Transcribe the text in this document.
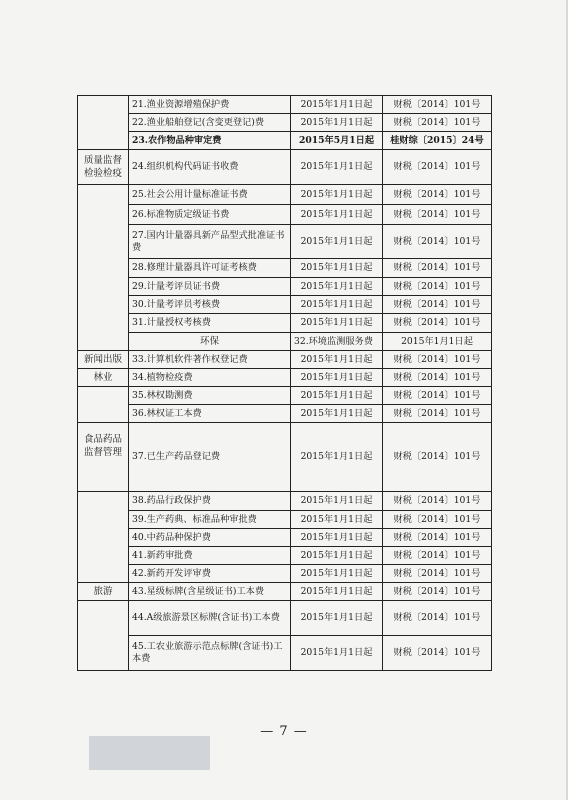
	21.渔业资源增殖保护费	2015年1月1日起	财税〔2014〕101号	
	22.渔业船舶登记(含变更登记)费	2015年1月1日起	财税〔2014〕101号	
	23.农作物品种审定费	2015年5月1日起	桂财综〔2015〕24号	
质量监督检验检疫	24.组织机构代码证书收费	2015年1月1日起	财税〔2014〕101号	
	25.社会公用计量标准证书费	2015年1月1日起	财税〔2014〕101号	
	26.标准物质定级证书费	2015年1月1日起	财税〔2014〕101号	
	27.国内计量器具新产品型式批准证书费	2015年1月1日起	财税〔2014〕101号	
	28.修理计量器具许可证考核费	2015年1月1日起	财税〔2014〕101号	
	29.计量考评员证书费	2015年1月1日起	财税〔2014〕101号	
	30.计量考评员考核费	2015年1月1日起	财税〔2014〕101号	
	31.计量授权考核费	2015年1月1日起	财税〔2014〕101号	
	环保	32.环境监测服务费	2015年1月1日起	
新闻出版	33.计算机软件著作权登记费	2015年1月1日起	财税〔2014〕101号	
林业	34.植物检疫费	2015年1月1日起	财税〔2014〕101号	
	35.林权勘测费	2015年1月1日起	财税〔2014〕101号	
	36.林权证工本费	2015年1月1日起	财税〔2014〕101号	
食品药品监督管理	37.已生产药品登记费	2015年1月1日起	财税〔2014〕101号	
	38.药品行政保护费	2015年1月1日起	财税〔2014〕101号	
	39.生产药典、标准品种审批费	2015年1月1日起	财税〔2014〕101号	
	40.中药品种保护费	2015年1月1日起	财税〔2014〕101号	
	41.新药审批费	2015年1月1日起	财税〔2014〕101号	
	42.新药开发评审费	2015年1月1日起	财税〔2014〕101号	
旅游	43.星级标牌(含星级证书)工本费	2015年1月1日起	财税〔2014〕101号	
	44.A级旅游景区标牌(含证书)工本费	2015年1月1日起	财税〔2014〕101号	
	45.工农业旅游示范点标牌(含证书)工本费	2015年1月1日起	财税〔2014〕101号	
— 7 —
